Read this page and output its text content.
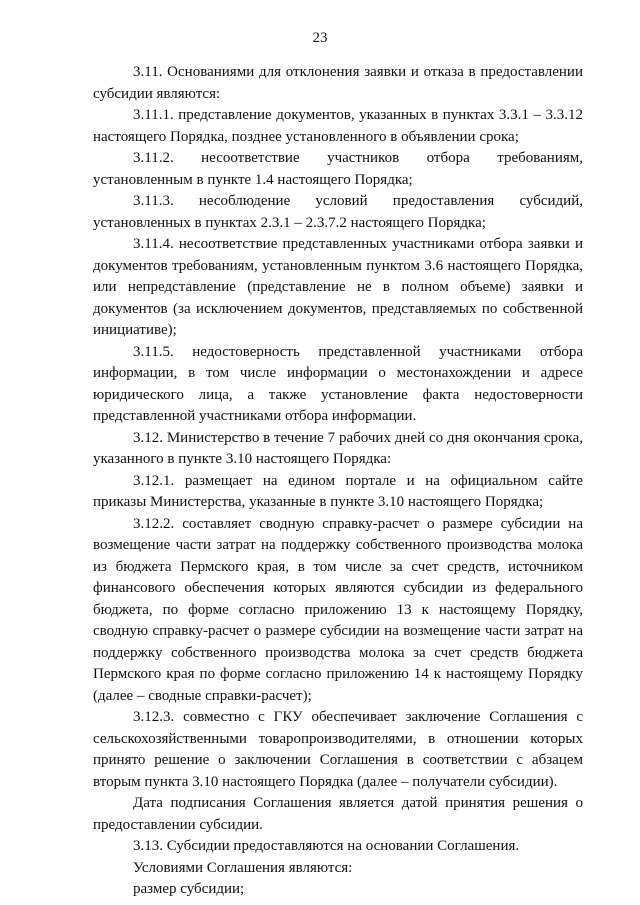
23

3.11. Основаниями для отклонения заявки и отказа в предоставлении субсидии являются:

3.11.1. представление документов, указанных в пунктах 3.3.1 – 3.3.12 настоящего Порядка, позднее установленного в объявлении срока;

3.11.2. несоответствие участников отбора требованиям, установленным в пункте 1.4 настоящего Порядка;

3.11.3. несоблюдение условий предоставления субсидий, установленных в пунктах 2.3.1 – 2.3.7.2 настоящего Порядка;

3.11.4. несоответствие представленных участниками отбора заявки и документов требованиям, установленным пунктом 3.6 настоящего Порядка, или непредставление (представление не в полном объеме) заявки и документов (за исключением документов, представляемых по собственной инициативе);

3.11.5. недостоверность представленной участниками отбора информации, в том числе информации о местонахождении и адресе юридического лица, а также установление факта недостоверности представленной участниками отбора информации.

3.12. Министерство в течение 7 рабочих дней со дня окончания срока, указанного в пункте 3.10 настоящего Порядка:

3.12.1. размещает на едином портале и на официальном сайте приказы Министерства, указанные в пункте 3.10 настоящего Порядка;

3.12.2. составляет сводную справку-расчет о размере субсидии на возмещение части затрат на поддержку собственного производства молока из бюджета Пермского края, в том числе за счет средств, источником финансового обеспечения которых являются субсидии из федерального бюджета, по форме согласно приложению 13 к настоящему Порядку, сводную справку-расчет о размере субсидии на возмещение части затрат на поддержку собственного производства молока за счет средств бюджета Пермского края по форме согласно приложению 14 к настоящему Порядку (далее – сводные справки-расчет);

3.12.3. совместно с ГКУ обеспечивает заключение Соглашения с сельскохозяйственными товаропроизводителями, в отношении которых принято решение о заключении Соглашения в соответствии с абзацем вторым пункта 3.10 настоящего Порядка (далее – получатели субсидии).

Дата подписания Соглашения является датой принятия решения о предоставлении субсидии.

3.13. Субсидии предоставляются на основании Соглашения.

Условиями Соглашения являются:

размер субсидии;
